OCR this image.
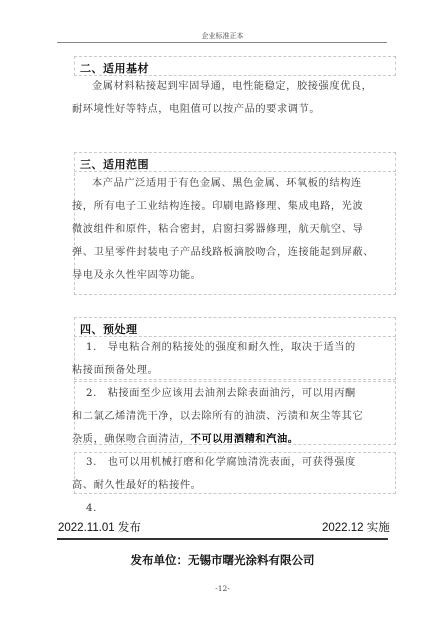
企业标准正本
二、适用基材
金属材料粘接起到牢固导通，电性能稳定，胶接强度优良，
耐环境性好等特点，电阻值可以按产品的要求调节。
三、适用范围
本产品广泛适用于有色金属、黑色金属、环氧板的结构连
接，所有电子工业结构连接。印刷电路修理、集成电路，光波
微波组件和原件，粘合密封，启窗扫雾器修理，航天航空、导
弹、卫星零件封装电子产品线路板滴胶吻合，连接能起到屏蔽、
导电及永久性牢固等功能。
四、预处理
1.　导电粘合剂的粘接处的强度和耐久性，取决于适当的
粘接面预备处理。
2.　粘接面至少应该用去油剂去除表面油污，可以用丙酮
和二氯乙烯清洗干净，以去除所有的油渍、污渍和灰尘等其它
杂质，确保吻合面清洁，不可以用酒精和汽油。
3.　也可以用机械打磨和化学腐蚀清洗表面，可获得强度
高、耐久性最好的粘接件。
4.
2022.11.01 发布	2022.12 实施
发布单位：无锡市曙光涂料有限公司
-12-
